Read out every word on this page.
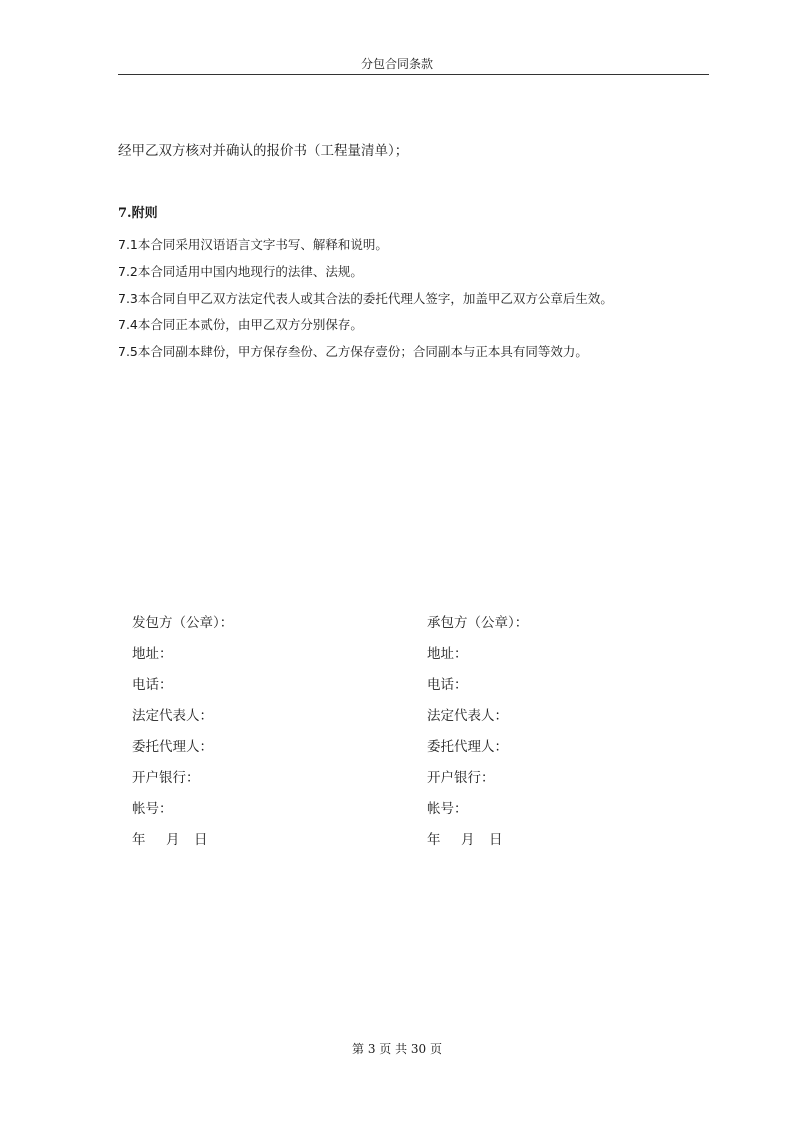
分包合同条款
经甲乙双方核对并确认的报价书（工程量清单）；
7.附则
7.1本合同采用汉语语言文字书写、解释和说明。
7.2本合同适用中国内地现行的法律、法规。
7.3本合同自甲乙双方法定代表人或其合法的委托代理人签字，加盖甲乙双方公章后生效。
7.4本合同正本贰份，由甲乙双方分别保存。
7.5本合同副本肆份，甲方保存叁份、乙方保存壹份；合同副本与正本具有同等效力。
发包方（公章）：
地址：
电话：
法定代表人：
委托代理人：
开户银行：
帐号：
年 月 日
承包方（公章）：
地址：
电话：
法定代表人：
委托代理人：
开户银行：
帐号：
年 月 日
第 3 页 共 30 页
